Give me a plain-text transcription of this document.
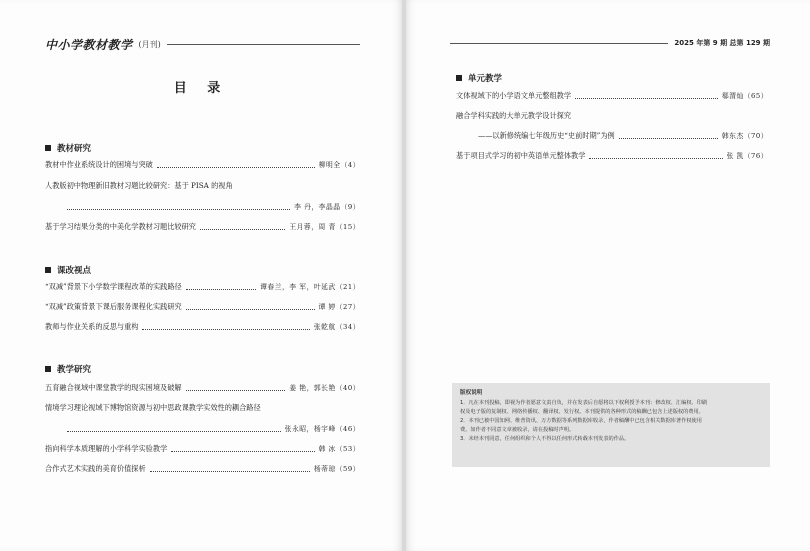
中小学教材教学 (月刊)
目 录
教材研究
教材中作业系统设计的困境与突破	柳明全（4）
人教版初中物理新旧教材习题比较研究：基于 PISA 的视角
李 丹，李晶晶（9）
基于学习结果分类的中美化学教材习题比较研究	王月蓉，周 青（15）
课改视点
“双减”背景下小学数学课程改革的实践路径	谭春兰，李 军，叶延武（21）
“双减”政策背景下课后服务课程化实践研究	谭 婷（27）
教师与作业关系的反思与重构	张乾航（34）
教学研究
五育融合视域中课堂教学的现实困境及破解	姜 艳，郭长艳（40）
情境学习理论视域下博物馆资源与初中思政课教学实效性的耦合路径
张永昭，杨宇峰（46）
指向科学本质理解的小学科学实验教学	韩 冰（53）
合作式艺术实践的美育价值探析	杨蒂琼（59）
2025 年第 9 期 总第 129 期
单元教学
文体视域下的小学语文单元整组教学	郗渭灿（65）
融合学科实践的大单元教学设计探究
——以新修统编七年级历史“史前时期”为例	韩东杰（70）
基于项目式学习的初中英语单元整体教学	张 凯（76）
版权说明

1．凡在本刊投稿，即视为作者愿意文责自负，并在发表后自愿将以下权利授予本刊：修改权、汇编权、印刷

权及电子版的复制权、网络传播权、翻译权、发行权。本刊提供的各种形式的稿酬已包含上述版权的费用。

2．本刊已被中国知网、维普资讯、万方数据等系列数据库收录，作者稿酬中已包含相关数据库著作权使用

费。如作者不同意文章被收录，请在投稿时声明。

3．未经本刊同意，任何组织和个人不得以任何形式转载本刊发表的作品。
